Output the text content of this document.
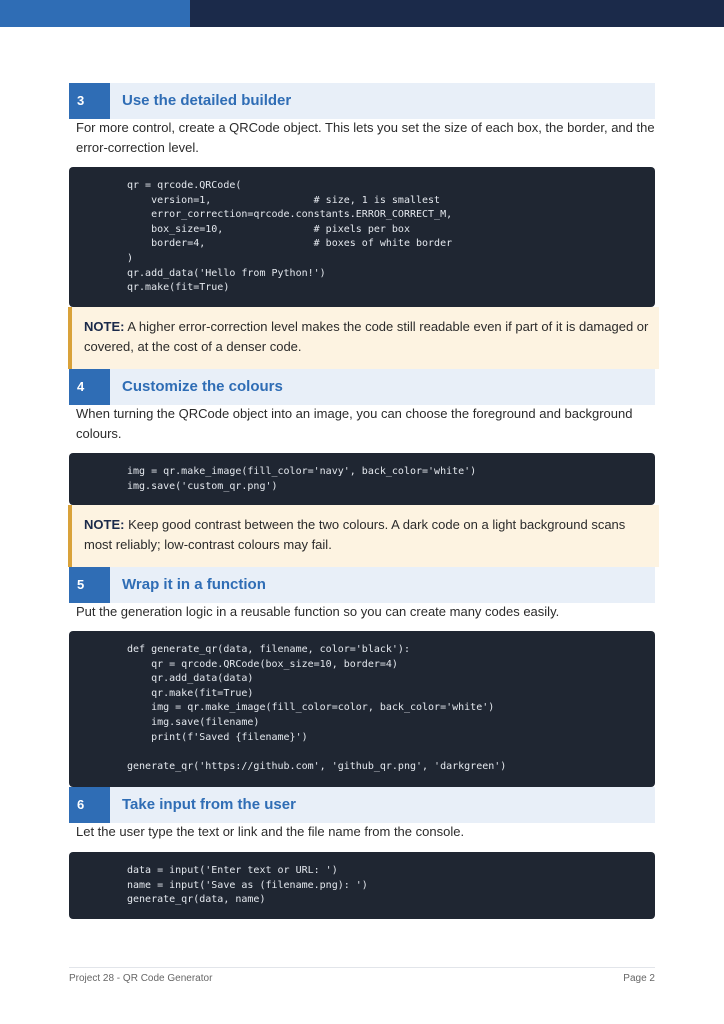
3	Use the detailed builder
For more control, create a QRCode object. This lets you set the size of each box, the border, and the error-correction level.
qr = qrcode.QRCode(
version=1,                 # size, 1 is smallest
error_correction=qrcode.constants.ERROR_CORRECT_M,
box_size=10,               # pixels per box
border=4,                  # boxes of white border
)
qr.add_data('Hello from Python!')
qr.make(fit=True)

NOTE: A higher error-correction level makes the code still readable even if part of it is damaged or covered, at the cost of a denser code.

4	Customize the colours
When turning the QRCode object into an image, you can choose the foreground and background colours.
img = qr.make_image(fill_color='navy', back_color='white')
img.save('custom_qr.png')

NOTE: Keep good contrast between the two colours. A dark code on a light background scans most reliably; low-contrast colours may fail.

5	Wrap it in a function
Put the generation logic in a reusable function so you can create many codes easily.
def generate_qr(data, filename, color='black'):
qr = qrcode.QRCode(box_size=10, border=4)
qr.add_data(data)
qr.make(fit=True)
img = qr.make_image(fill_color=color, back_color='white')
img.save(filename)
print(f'Saved {filename}')

generate_qr('https://github.com', 'github_qr.png', 'darkgreen')
6	Take input from the user
Let the user type the text or link and the file name from the console.
data = input('Enter text or URL: ')
name = input('Save as (filename.png): ')
generate_qr(data, name)
Project 28 - QR Code Generator	Page 2
